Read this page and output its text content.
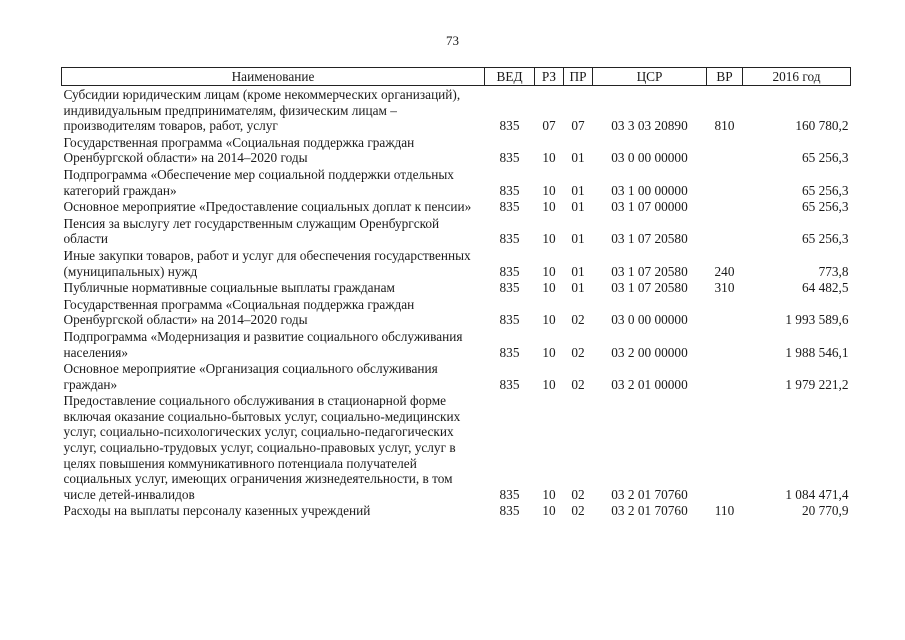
73
Наименование	ВЕД	РЗ	ПР	ЦСР	ВР	2016 год
Субсидии юридическим лицам (кроме некоммерческих организаций), индивидуальным предпринимателям, физическим лицам – производителям товаров, работ, услуг	835	07	07	03 3 03 20890	810	160 780,2
Государственная программа «Социальная поддержка граждан Оренбургской области» на 2014–2020 годы	835	10	01	03 0 00 00000		65 256,3
Подпрограмма «Обеспечение мер социальной поддержки отдельных категорий граждан»	835	10	01	03 1 00 00000		65 256,3
Основное мероприятие «Предоставление социальных доплат к пенсии»	835	10	01	03 1 07 00000		65 256,3
Пенсия за выслугу лет государственным служащим Оренбургской области	835	10	01	03 1 07 20580		65 256,3
Иные закупки товаров, работ и услуг для обеспечения государственных (муниципальных) нужд	835	10	01	03 1 07 20580	240	773,8
Публичные нормативные социальные выплаты гражданам	835	10	01	03 1 07 20580	310	64 482,5
Государственная программа «Социальная поддержка граждан Оренбургской области» на 2014–2020 годы	835	10	02	03 0 00 00000		1 993 589,6
Подпрограмма «Модернизация и развитие социального обслуживания населения»	835	10	02	03 2 00 00000		1 988 546,1
Основное мероприятие «Организация социального обслуживания граждан»	835	10	02	03 2 01 00000		1 979 221,2
Предоставление социального обслуживания в стационарной форме включая оказание социально-бытовых услуг, социально-медицинских услуг, социально-психологических услуг, социально-педагогических услуг, социально-трудовых услуг, социально-правовых услуг, услуг в целях повышения коммуникативного потенциала получателей социальных услуг, имеющих ограничения жизнедеятельности, в том числе детей-инвалидов	835	10	02	03 2 01 70760		1 084 471,4
Расходы на выплаты персоналу казенных учреждений	835	10	02	03 2 01 70760	110	20 770,9
